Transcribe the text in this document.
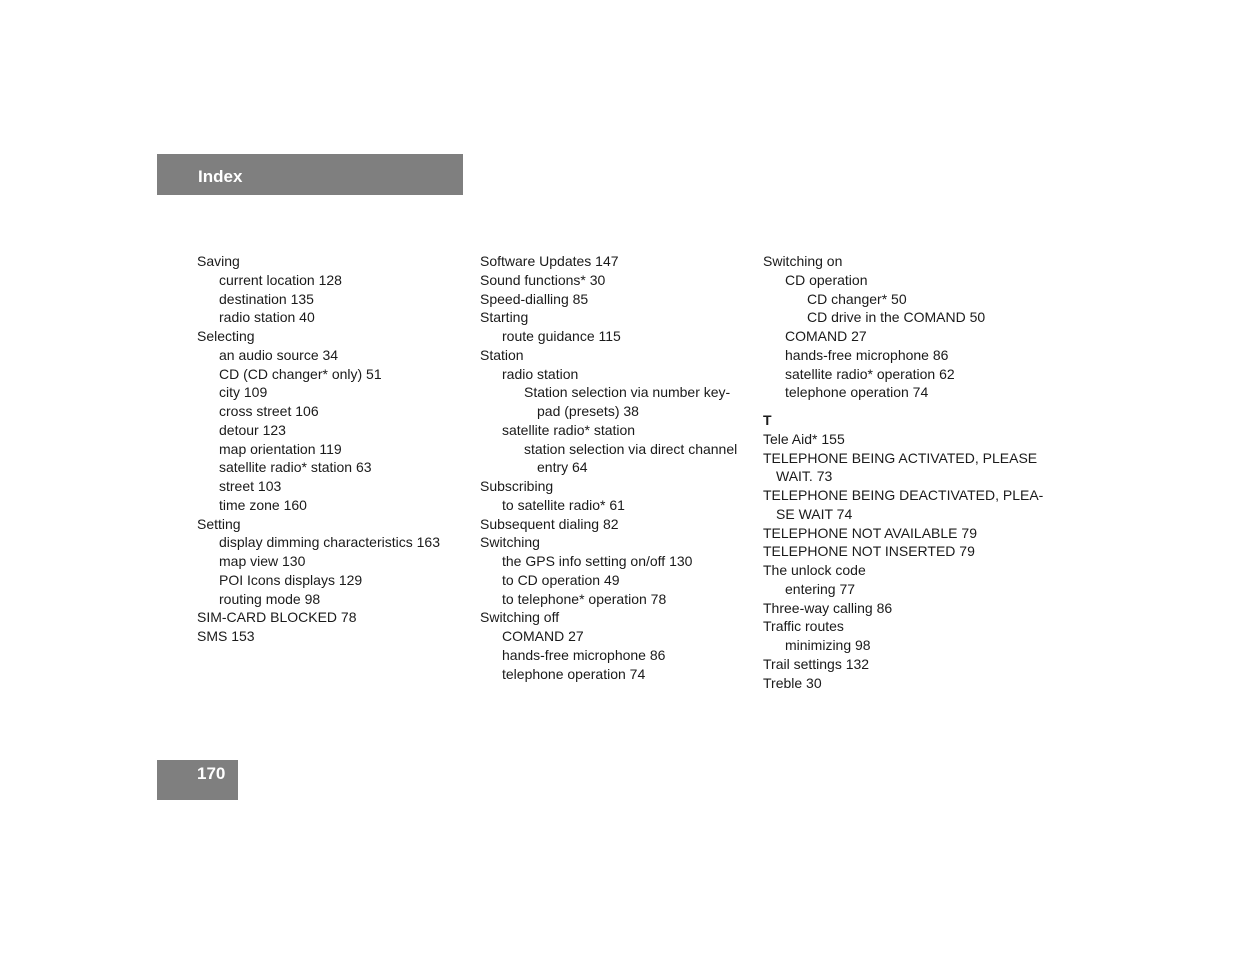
Index
Saving
current location 128
destination 135
radio station 40
Selecting
an audio source 34
CD (CD changer* only) 51
city 109
cross street 106
detour 123
map orientation 119
satellite radio* station 63
street 103
time zone 160
Setting
display dimming characteristics 163
map view 130
POI Icons displays 129
routing mode 98
SIM-CARD BLOCKED 78
SMS 153
Software Updates 147
Sound functions* 30
Speed-dialling 85
Starting
route guidance 115
Station
radio station
Station selection via number key-
pad (presets) 38
satellite radio* station
station selection via direct channel
entry 64
Subscribing
to satellite radio* 61
Subsequent dialing 82
Switching
the GPS info setting on/off 130
to CD operation 49
to telephone* operation 78
Switching off
COMAND 27
hands-free microphone 86
telephone operation 74
Switching on
CD operation
CD changer* 50
CD drive in the COMAND 50
COMAND 27
hands-free microphone 86
satellite radio* operation 62
telephone operation 74
T
Tele Aid* 155
TELEPHONE BEING ACTIVATED, PLEASE
WAIT. 73
TELEPHONE BEING DEACTIVATED, PLEA-
SE WAIT 74
TELEPHONE NOT AVAILABLE 79
TELEPHONE NOT INSERTED 79
The unlock code
entering 77
Three-way calling 86
Traffic routes
minimizing 98
Trail settings 132
Treble 30
170
